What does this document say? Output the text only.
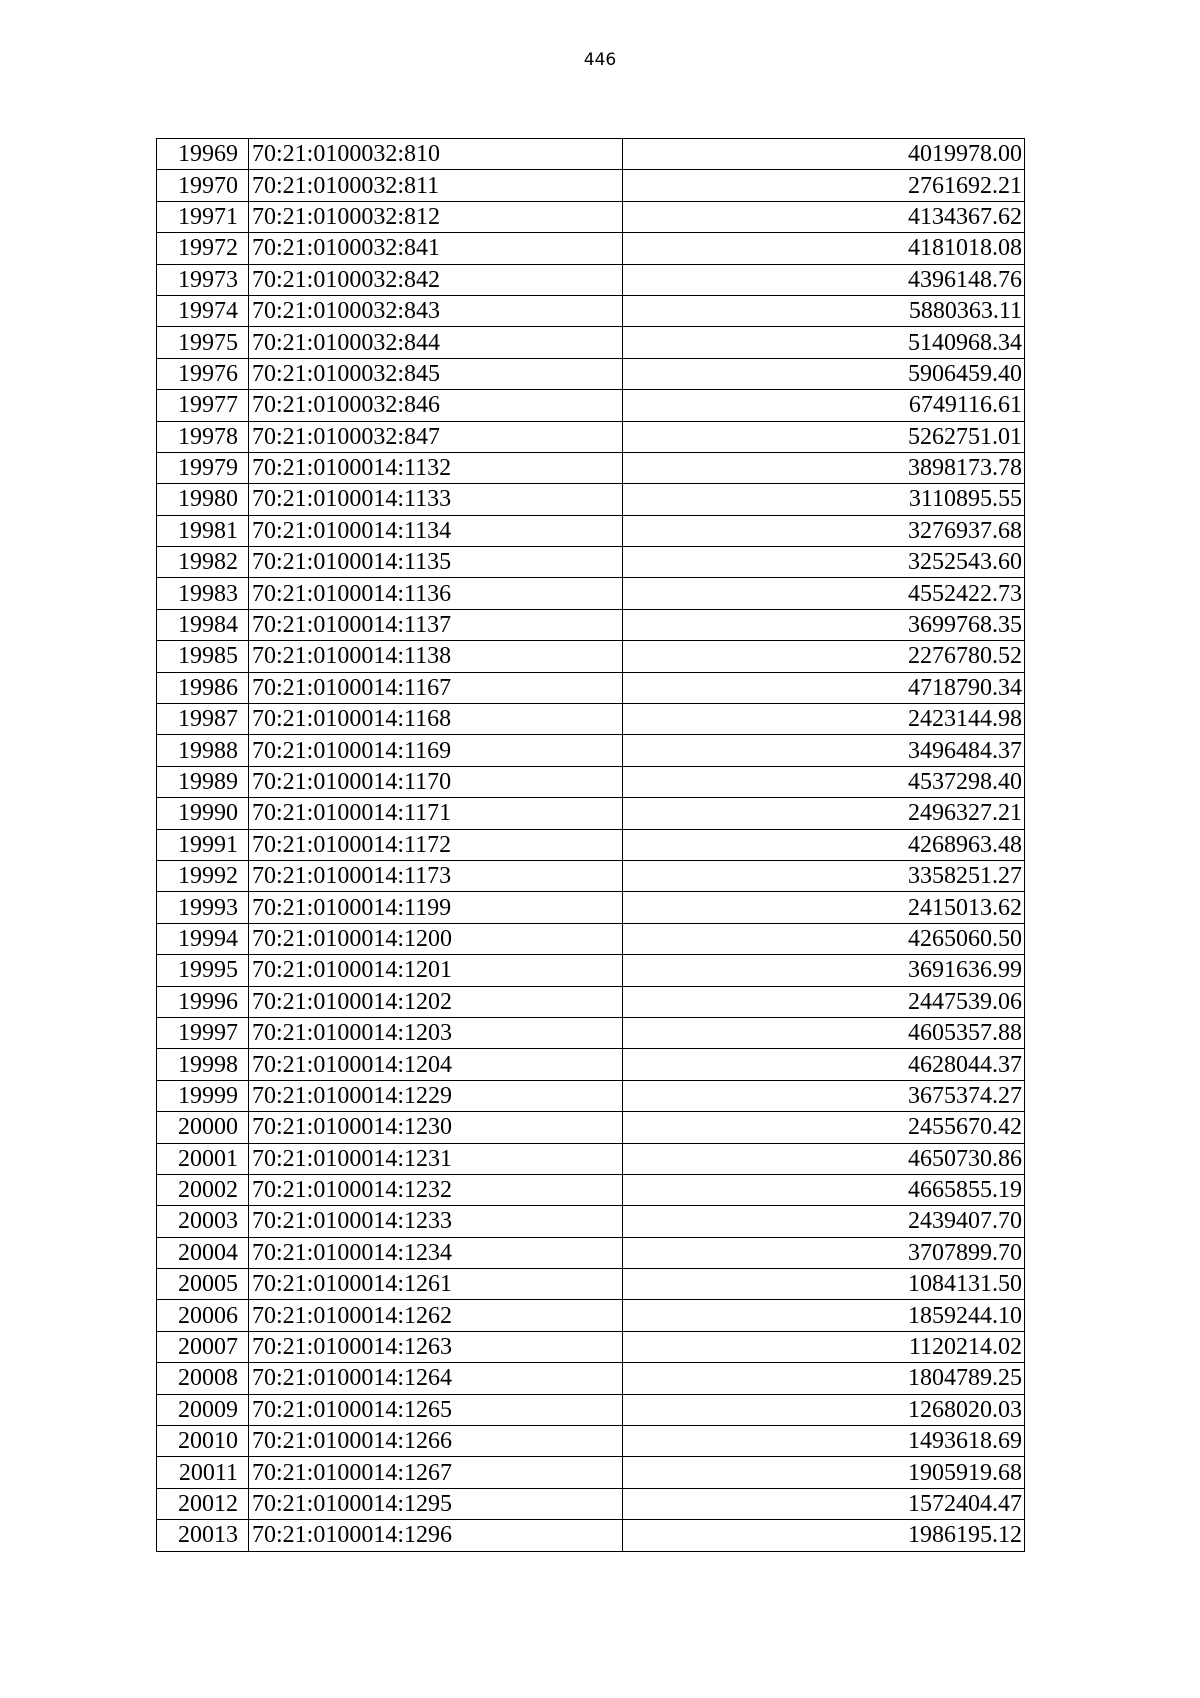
446
19969	70:21:0100032:810	4019978.00
19970	70:21:0100032:811	2761692.21
19971	70:21:0100032:812	4134367.62
19972	70:21:0100032:841	4181018.08
19973	70:21:0100032:842	4396148.76
19974	70:21:0100032:843	5880363.11
19975	70:21:0100032:844	5140968.34
19976	70:21:0100032:845	5906459.40
19977	70:21:0100032:846	6749116.61
19978	70:21:0100032:847	5262751.01
19979	70:21:0100014:1132	3898173.78
19980	70:21:0100014:1133	3110895.55
19981	70:21:0100014:1134	3276937.68
19982	70:21:0100014:1135	3252543.60
19983	70:21:0100014:1136	4552422.73
19984	70:21:0100014:1137	3699768.35
19985	70:21:0100014:1138	2276780.52
19986	70:21:0100014:1167	4718790.34
19987	70:21:0100014:1168	2423144.98
19988	70:21:0100014:1169	3496484.37
19989	70:21:0100014:1170	4537298.40
19990	70:21:0100014:1171	2496327.21
19991	70:21:0100014:1172	4268963.48
19992	70:21:0100014:1173	3358251.27
19993	70:21:0100014:1199	2415013.62
19994	70:21:0100014:1200	4265060.50
19995	70:21:0100014:1201	3691636.99
19996	70:21:0100014:1202	2447539.06
19997	70:21:0100014:1203	4605357.88
19998	70:21:0100014:1204	4628044.37
19999	70:21:0100014:1229	3675374.27
20000	70:21:0100014:1230	2455670.42
20001	70:21:0100014:1231	4650730.86
20002	70:21:0100014:1232	4665855.19
20003	70:21:0100014:1233	2439407.70
20004	70:21:0100014:1234	3707899.70
20005	70:21:0100014:1261	1084131.50
20006	70:21:0100014:1262	1859244.10
20007	70:21:0100014:1263	1120214.02
20008	70:21:0100014:1264	1804789.25
20009	70:21:0100014:1265	1268020.03
20010	70:21:0100014:1266	1493618.69
20011	70:21:0100014:1267	1905919.68
20012	70:21:0100014:1295	1572404.47
20013	70:21:0100014:1296	1986195.12
